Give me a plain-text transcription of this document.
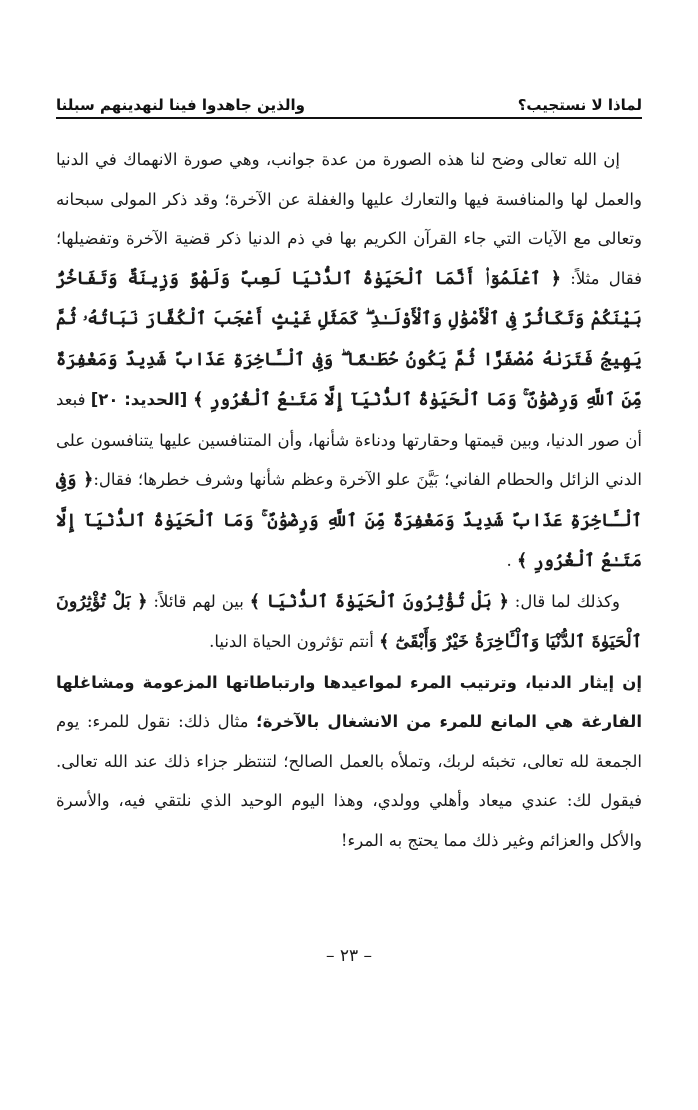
لماذا لا نستجيب؟
والذين جاهدوا فينا لنهدينهم سبلنا

إن الله تعالى وضح لنا هذه الصورة من عدة جوانب، وهي صورة الانهماك في الدنيا والعمل لها والمنافسة فيها والتعارك عليها والغفلة عن الآخرة؛ وقد ذكر المولى سبحانه وتعالى مع الآيات التي جاء القرآن الكريم بها في ذم الدنيا ذكر قضية الآخرة وتفضيلها؛ فقال مثلاً: ﴿ ٱعْلَمُوٓا۟ أَنَّمَا ٱلْحَيَوٰةُ ٱلدُّنْيَا لَعِبٌ وَلَهْوٌ وَزِينَةٌ وَتَفَاخُرٌۢ بَيْنَكُمْ وَتَكَاثُرٌ فِى ٱلْأَمْوَٰلِ وَٱلْأَوْلَـٰدِ ۖ كَمَثَلِ غَيْثٍ أَعْجَبَ ٱلْكُفَّارَ نَبَاتُهُۥ ثُمَّ يَهِيجُ فَتَرَىٰهُ مُصْفَرًّا ثُمَّ يَكُونُ حُطَـٰمًا ۖ وَفِى ٱلْـَٔاخِرَةِ عَذَابٌ شَدِيدٌ وَمَغْفِرَةٌ مِّنَ ٱللَّهِ وَرِضْوَٰنٌ ۚ وَمَا ٱلْحَيَوٰةُ ٱلدُّنْيَآ إِلَّا مَتَـٰعُ ٱلْغُرُورِ ﴾ [الحديد: ٢٠] فبعد أن صور الدنيا، وبين قيمتها وحقارتها ودناءة شأنها، وأن المتنافسين عليها يتنافسون على الدني الزائل والحطام الفاني؛ بَيَّنَ علو الآخرة وعظم شأنها وشرف خطرها؛ فقال:﴿ وَفِى ٱلْـَٔاخِرَةِ عَذَابٌ شَدِيدٌ وَمَغْفِرَةٌ مِّنَ ٱللَّهِ وَرِضْوَٰنٌ ۚ وَمَا ٱلْحَيَوٰةُ ٱلدُّنْيَآ إِلَّا مَتَـٰعُ ٱلْغُرُورِ ﴾ .

وكذلك لما قال: ﴿ بَلْ تُؤْثِرُونَ ٱلْحَيَوٰةَ ٱلدُّنْيَا ﴾ بين لهم قائلاً: ﴿ بَلْ تُؤْثِرُونَ ٱلْحَيَوٰةَ ٱلدُّنْيَا وَٱلْـَٔاخِرَةُ خَيْرٌ وَأَبْقَىٰٓ ﴾ أنتم تؤثرون الحياة الدنيا.

إن إيثار الدنيا، وترتيب المرء لمواعيدها وارتباطاتها المزعومة ومشاغلها الفارغة هي المانع للمرء من الانشغال بالآخرة؛ مثال ذلك: نقول للمرء: يوم الجمعة لله تعالى، تخبئه لربك، وتملأه بالعمل الصالح؛ لتنتظر جزاء ذلك عند الله تعالى. فيقول لك: عندي ميعاد وأهلي وولدي، وهذا اليوم الوحيد الذي نلتقي فيه، والأسرة والأكل والعزائم وغير ذلك مما يحتج به المرء!

– ٢٣ –
